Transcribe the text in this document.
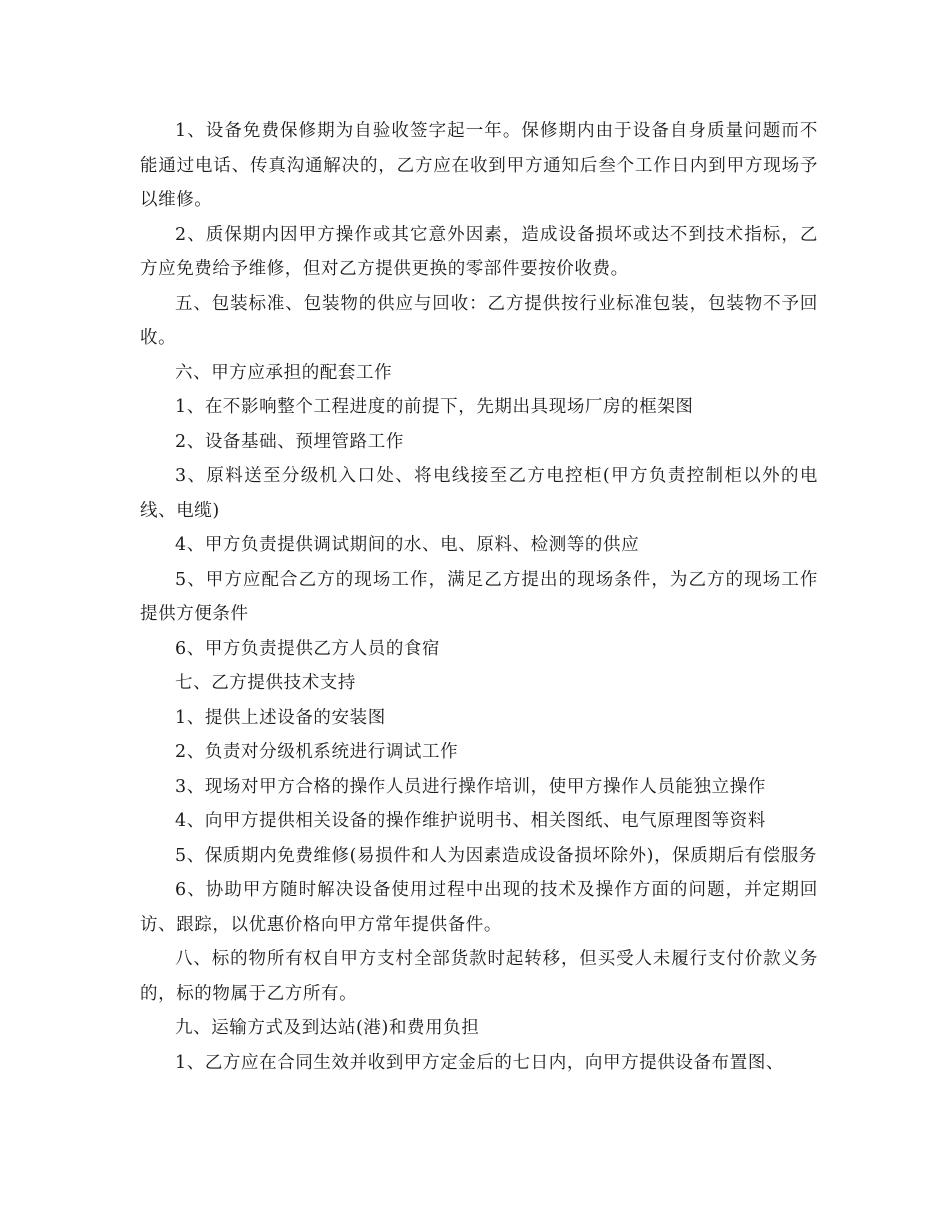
1、设备免费保修期为自验收签字起一年。保修期内由于设备自身质量问题而不能通过电话、传真沟通解决的，乙方应在收到甲方通知后叁个工作日内到甲方现场予以维修。

2、质保期内因甲方操作或其它意外因素，造成设备损坏或达不到技术指标，乙方应免费给予维修，但对乙方提供更换的零部件要按价收费。

五、包装标准、包装物的供应与回收：乙方提供按行业标准包装，包装物不予回收。

六、甲方应承担的配套工作

1、在不影响整个工程进度的前提下，先期出具现场厂房的框架图

2、设备基础、预埋管路工作

3、原料送至分级机入口处、将电线接至乙方电控柜(甲方负责控制柜以外的电线、电缆)

4、甲方负责提供调试期间的水、电、原料、检测等的供应

5、甲方应配合乙方的现场工作，满足乙方提出的现场条件，为乙方的现场工作提供方便条件

6、甲方负责提供乙方人员的食宿

七、乙方提供技术支持

1、提供上述设备的安装图

2、负责对分级机系统进行调试工作

3、现场对甲方合格的操作人员进行操作培训，使甲方操作人员能独立操作

4、向甲方提供相关设备的操作维护说明书、相关图纸、电气原理图等资料

5、保质期内免费维修(易损件和人为因素造成设备损坏除外)，保质期后有偿服务

6、协助甲方随时解决设备使用过程中出现的技术及操作方面的问题，并定期回访、跟踪，以优惠价格向甲方常年提供备件。

八、标的物所有权自甲方支村全部货款时起转移，但买受人未履行支付价款义务的，标的物属于乙方所有。

九、运输方式及到达站(港)和费用负担

1、乙方应在合同生效并收到甲方定金后的七日内，向甲方提供设备布置图、
